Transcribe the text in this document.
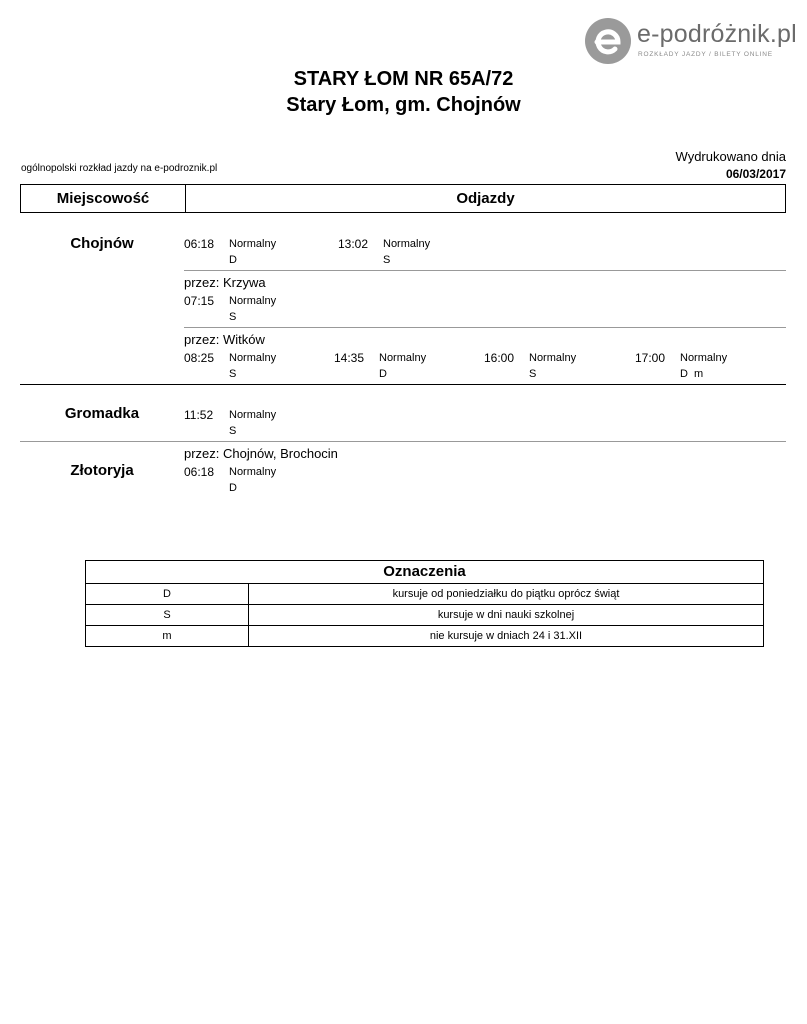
e-podróżnik.pl
ROZKŁADY JAZDY / BILETY ONLINE
STARY ŁOM NR 65A/72
Stary Łom, gm. Chojnów
ogólnopolski rozkład jazdy na e-podroznik.pl
Wydrukowano dnia
06/03/2017
Miejscowość	Odjazdy
Chojnów	06:18 Normalny
D
13:02 Normalny
S
przez: Krzywa
07:15 Normalny
S
przez: Witków
08:25 Normalny
S
14:35 Normalny
D
16:00 Normalny
S
17:00 Normalny
D  m
Gromadka	11:52 Normalny
S
przez: Chojnów, Brochocin
Złotoryja	06:18 Normalny
D
Oznaczenia
D	kursuje od poniedziałku do piątku oprócz świąt
S	kursuje w dni nauki szkolnej
m	nie kursuje w dniach 24 i 31.XII
